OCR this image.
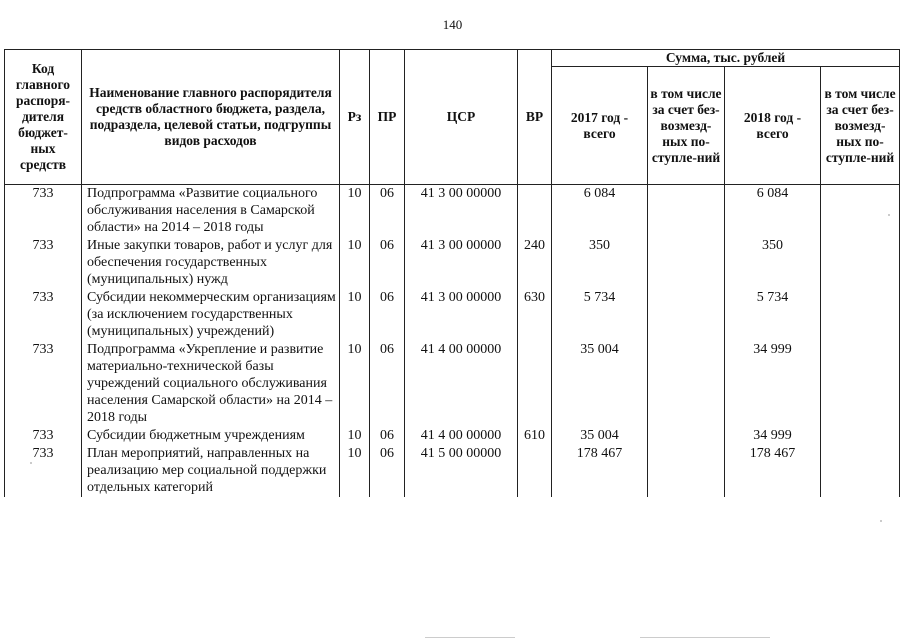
140
Код главного распоря-дителя бюджет-ных средств	Наименование главного распорядителя средств областного бюджета, раздела, подраздела, целевой статьи, подгруппы видов расходов	Рз	ПР	ЦСР	ВР	Сумма, тыс. рублей			
						2017 год - всего	в том числе за счет без-возмезд-ных по-ступле-ний	2018 год - всего	в том числе за счет без-возмезд-ных по-ступле-ний
733	Подпрограмма «Развитие социального обслуживания населения в Самарской области» на 2014 – 2018 годы	10	06	41 3 00 00000		6 084		6 084	
733	Иные закупки товаров, работ и услуг для обеспечения государственных (муниципальных) нужд	10	06	41 3 00 00000	240	350		350	
733	Субсидии некоммерческим организациям (за исключением государственных (муниципальных) учреждений)	10	06	41 3 00 00000	630	5 734		5 734	
733	Подпрограмма «Укрепление и развитие материально-технической базы учреждений социального обслуживания населения Самарской области» на 2014 – 2018 годы	10	06	41 4 00 00000		35 004		34 999	
733	Субсидии бюджетным учреждениям	10	06	41 4 00 00000	610	35 004		34 999	
733	План мероприятий, направленных на реализацию мер социальной поддержки отдельных категорий	10	06	41 5 00 00000		178 467		178 467	
